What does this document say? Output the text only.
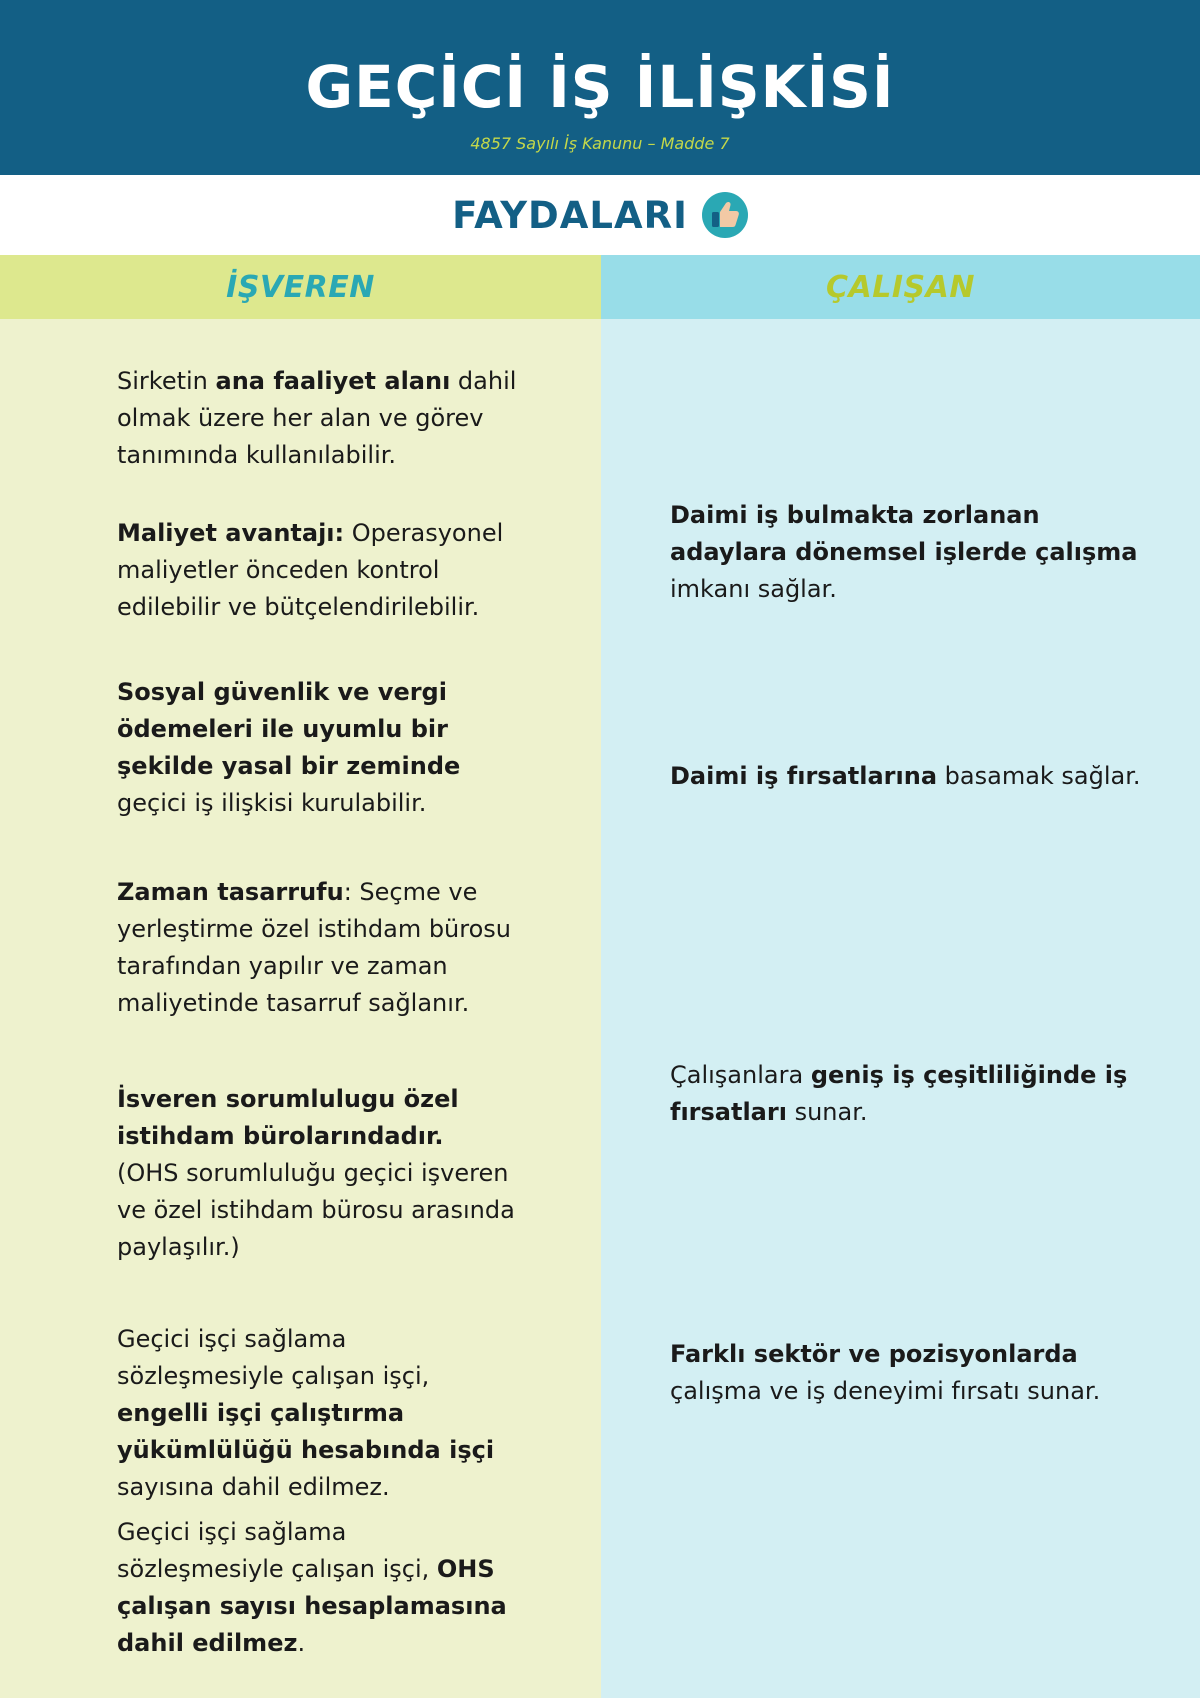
GEÇİCİ İŞ İLİŞKİSİ
4857 Sayılı İş Kanunu – Madde 7
FAYDALARI
İŞVEREN
Sirketin ana faaliyet alanı dahil olmak üzere her alan ve görev tanımında kullanılabilir.
Maliyet avantajı: Operasyonel maliyetler önceden kontrol edilebilir ve bütçelendirilebilir.
Sosyal güvenlik ve vergi ödemeleri ile uyumlu bir şekilde yasal bir zeminde geçici iş ilişkisi kurulabilir.
Zaman tasarrufu: Seçme ve yerleştirme özel istihdam bürosu tarafından yapılır ve zaman maliyetinde tasarruf sağlanır.
İsveren sorumlulugu özel istihdam bürolarındadır.
(OHS sorumluluğu geçici işveren ve özel istihdam bürosu arasında paylaşılır.)
Geçici işçi sağlama sözleşmesiyle çalışan işçi, engelli işçi çalıştırma yükümlülüğü hesabında işçi sayısına dahil edilmez.
Geçici işçi sağlama sözleşmesiyle çalışan işçi, OHS çalışan sayısı hesaplamasına dahil edilmez.
ÇALIŞAN
Daimi iş bulmakta zorlanan adaylara dönemsel işlerde çalışma imkanı sağlar.
Daimi iş fırsatlarına basamak sağlar.
Çalışanlara geniş iş çeşitliliğinde iş fırsatları sunar.
Farklı sektör ve pozisyonlarda çalışma ve iş deneyimi fırsatı sunar.
